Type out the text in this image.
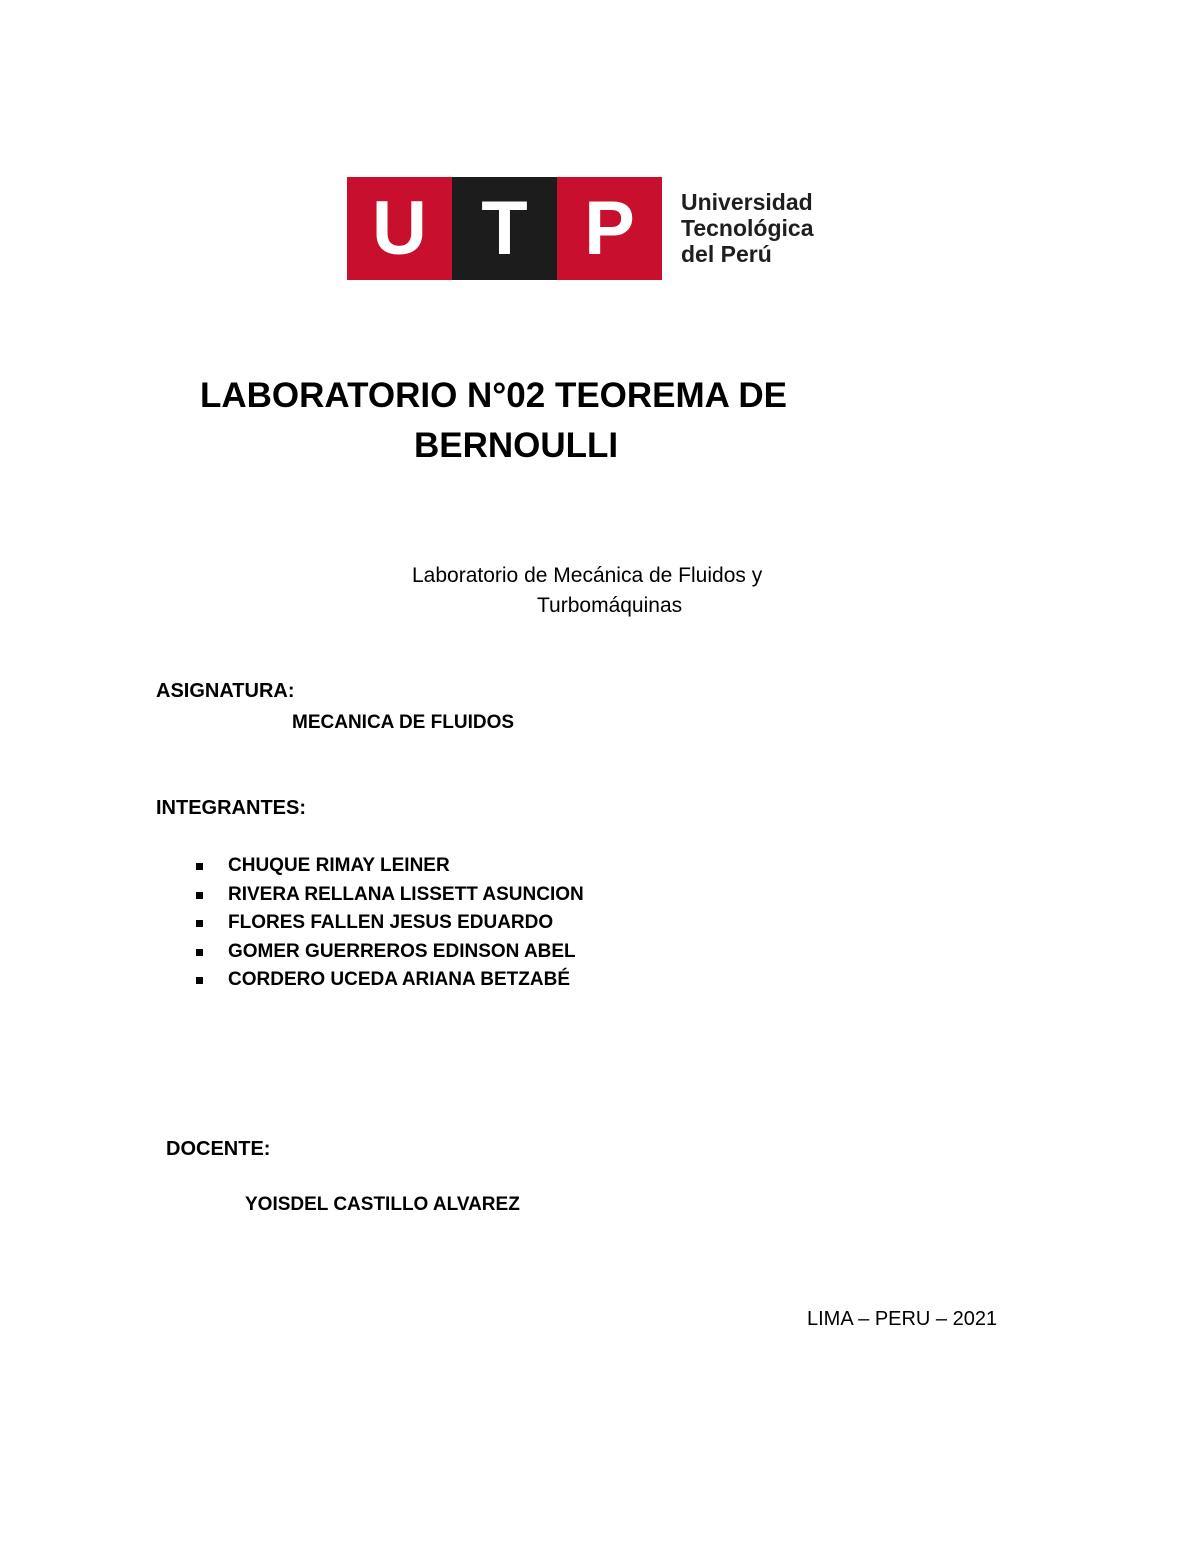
U T P	Universidad
Tecnológica
del Perú
LABORATORIO N°02 TEOREMA DE
BERNOULLI
Laboratorio de Mecánica de Fluidos y
Turbomáquinas
ASIGNATURA:
MECANICA DE FLUIDOS
INTEGRANTES:
CHUQUE RIMAY LEINER
RIVERA RELLANA LISSETT ASUNCION
FLORES FALLEN JESUS EDUARDO
GOMER GUERREROS EDINSON ABEL
CORDERO UCEDA ARIANA BETZABÉ
DOCENTE:
YOISDEL CASTILLO ALVAREZ
LIMA – PERU – 2021
